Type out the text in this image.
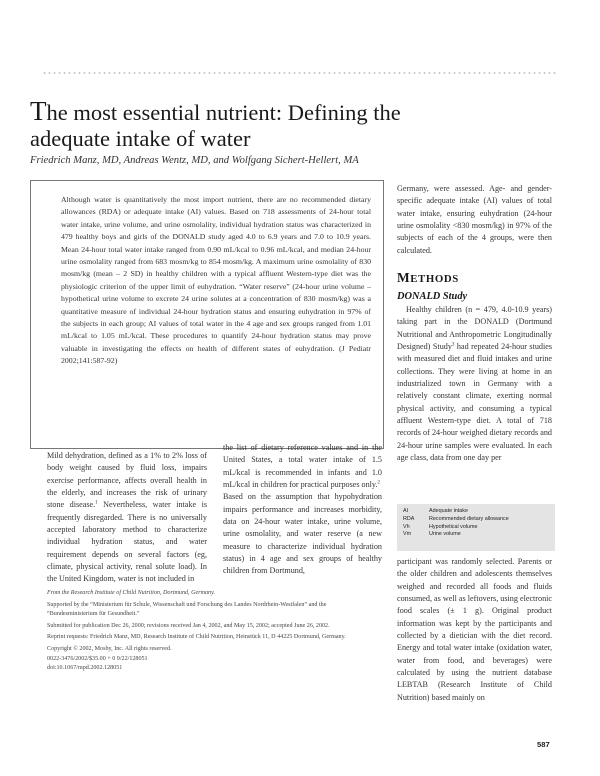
The most essential nutrient: Defining the
adequate intake of water
Friedrich Manz, MD, Andreas Wentz, MD, and Wolfgang Sichert-Hellert, MA
Although water is quantitatively the most import nutrient, there are no recommended dietary allowances (RDA) or adequate intake (AI) values. Based on 718 assessments of 24-hour total water intake, urine volume, and urine osmolality, individual hydration status was characterized in 479 healthy boys and girls of the DONALD study aged 4.0 to 6.9 years and 7.0 to 10.9 years. Mean 24-hour total water intake ranged from 0.90 mL/kcal to 0.96 mL/kcal, and median 24-hour urine osmolality ranged from 683 mosm/kg to 854 mosm/kg. A maximum urine osmolality of 830 mosm/kg (mean – 2 SD) in healthy children with a typical affluent Western-type diet was the physiologic criterion of the upper limit of euhydration. “Water reserve” (24-hour urine volume – hypothetical urine volume to excrete 24 urine solutes at a concentration of 830 mosm/kg) was a quantitative measure of individual 24-hour hydration status and ensuring euhydration in 97% of the subjects in each group; AI values of total water in the 4 age and sex groups ranged from 1.01 mL/kcal to 1.05 mL/kcal. These procedures to quantify 24-hour hydration status may prove valuable in investigating the effects on health of different states of euhydration. (J Pediatr 2002;141:587-92)

Mild dehydration, defined as a 1% to 2% loss of body weight caused by fluid loss, impairs exercise performance, affects overall health in the elderly, and increases the risk of urinary stone disease.$^1$ Nevertheless, water intake is frequently disregarded. There is no universally accepted laboratory method to characterize individual hydration status, and water requirement depends on several factors (eg, climate, physical activity, renal solute load). In the United Kingdom, water is not included in

the list of dietary reference values and in the United States, a total water intake of 1.5 mL/kcal is recommended in infants and 1.0 mL/kcal in children for practical purposes only.$^2$

Based on the assumption that hypohydration impairs performance and increases morbidity, data on 24-hour water intake, urine volume, urine osmolality, and water reserve (a new measure to characterize individual hydration status) in 4 age and sex groups of healthy children from Dortmund,

Germany, were assessed. Age- and gender-specific adequate intake (AI) values of total water intake, ensuring euhydration (24-hour urine osmolality <830 mosm/kg) in 97% of the subjects of each of the 4 groups, were then calculated.
METHODS
DONALD Study

Healthy children (n = 479, 4.0-10.9 years) taking part in the DONALD (Dortmund Nutritional and Anthropometric Longitudinally Designed) Study$^3$ had repeated 24-hour studies with measured diet and fluid intakes and urine collections. They were living at home in an industrialized town in Germany with a relatively constant climate, exerting normal physical activity, and consuming a typical affluent Western-type diet. A total of 718 records of 24-hour weighed dietary records and 24-hour urine samples were evaluated. In each age class, data from one day per

AI	Adequate intake
RDA	Recommended dietary allowance
Vh	Hypothetical volume
Vm	Urine volume
participant was randomly selected. Parents or the older children and adolescents themselves weighed and recorded all foods and fluids consumed, as well as leftovers, using electronic food scales (± 1 g). Original product information was kept by the participants and collected by a dietician with the diet record. Energy and total water intake (oxidation water, water from food, and beverages) were calculated by using the nutrient database LEBTAB (Research Institute of Child Nutrition) based mainly on

From the Research Institute of Child Nutrition, Dortmund, Germany.

Supported by the “Ministerium für Schule, Wissenschaft und Forschung des Landes Nordrhein-Westfalen” and the “Bundesministerium für Gesundheit.”

Submitted for publication Dec 26, 2000; revisions received Jan 4, 2002, and May 15, 2002; accepted June 26, 2002.

Reprint requests: Friedrich Manz, MD, Research Institute of Child Nutrition, Heinstück 11, D 44225 Dortmund, Germany.

Copyright © 2002, Mosby, Inc. All rights reserved.

0022-3476/2002/$35.00 + 0 9/22/128051

doi:10.1067/mpd.2002.128051

587
